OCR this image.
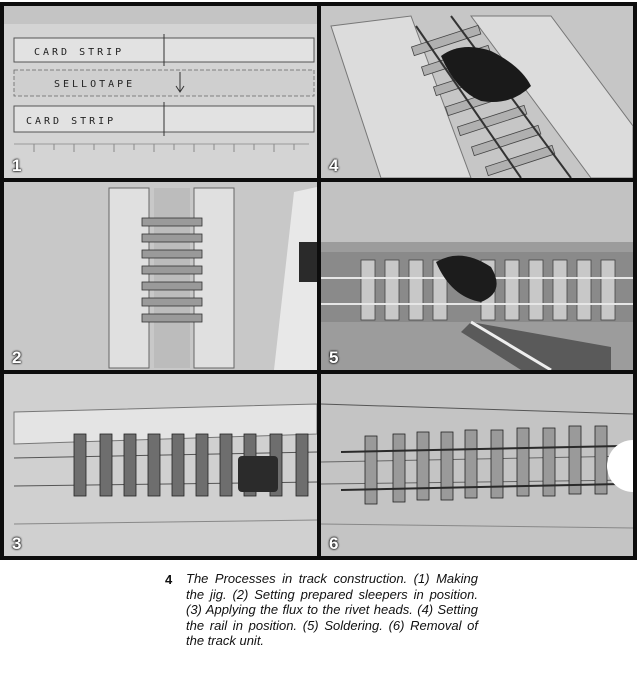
CARD STRIP
SELLOTAPE
CARD STRIP
1	4
2	5
3	6
4 The Processes in track construction. (1) Making the jig. (2) Setting prepared sleepers in position. (3) Applying the flux to the rivet heads. (4) Setting the rail in position. (5) Soldering. (6) Removal of the track unit.
